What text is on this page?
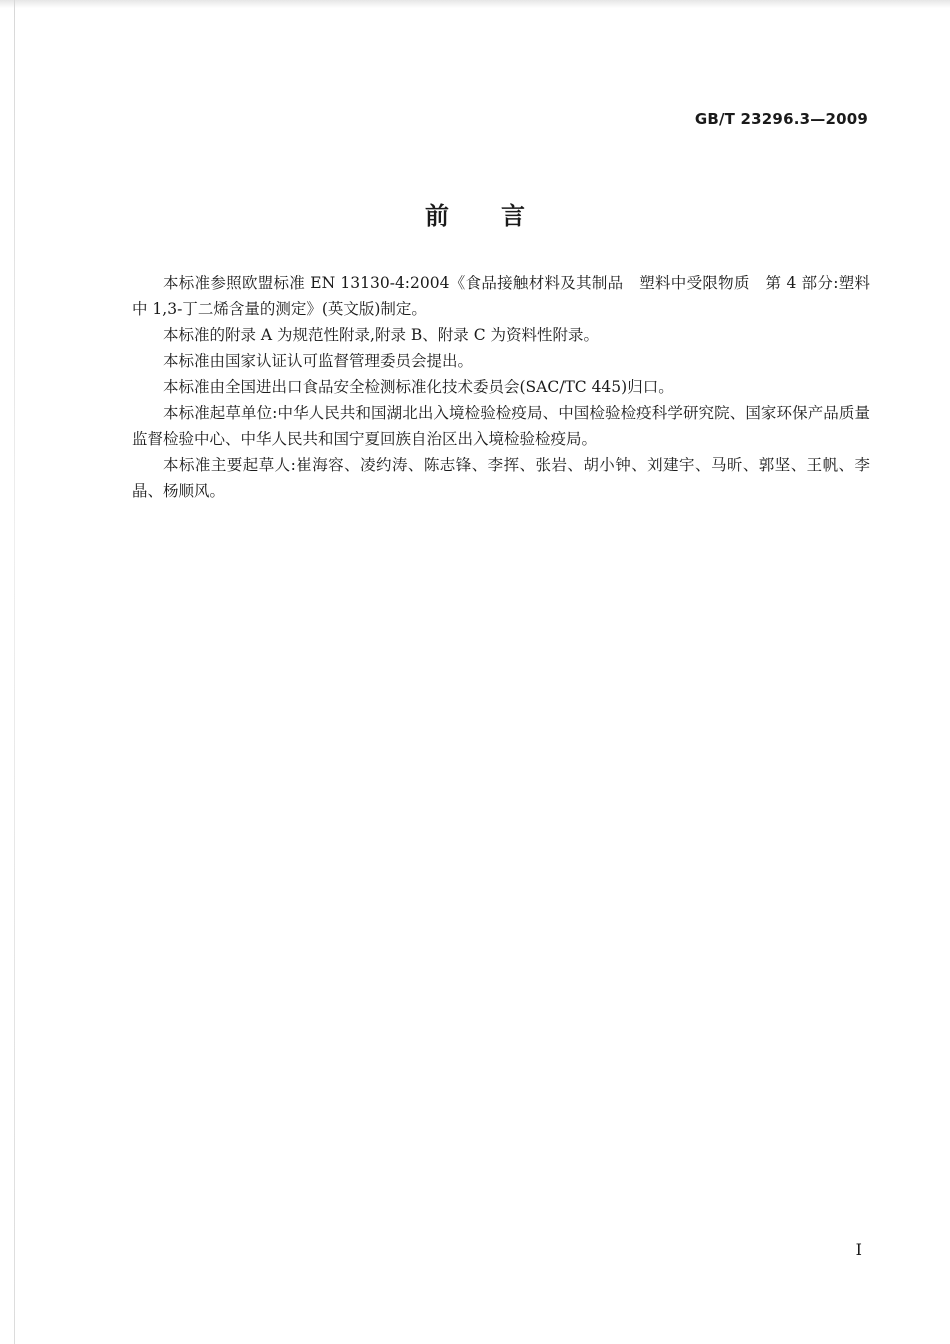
GB/T 23296.3—2009
前言

本标准参照欧盟标准 EN 13130-4:2004《食品接触材料及其制品　塑料中受限物质　第 4 部分:塑料中 1,3-丁二烯含量的测定》(英文版)制定。

本标准的附录 A 为规范性附录,附录 B、附录 C 为资料性附录。

本标准由国家认证认可监督管理委员会提出。

本标准由全国进出口食品安全检测标准化技术委员会(SAC/TC 445)归口。

本标准起草单位:中华人民共和国湖北出入境检验检疫局、中国检验检疫科学研究院、国家环保产品质量监督检验中心、中华人民共和国宁夏回族自治区出入境检验检疫局。

本标准主要起草人:崔海容、凌约涛、陈志锋、李挥、张岩、胡小钟、刘建宇、马昕、郭坚、王帆、李晶、杨顺风。

I
